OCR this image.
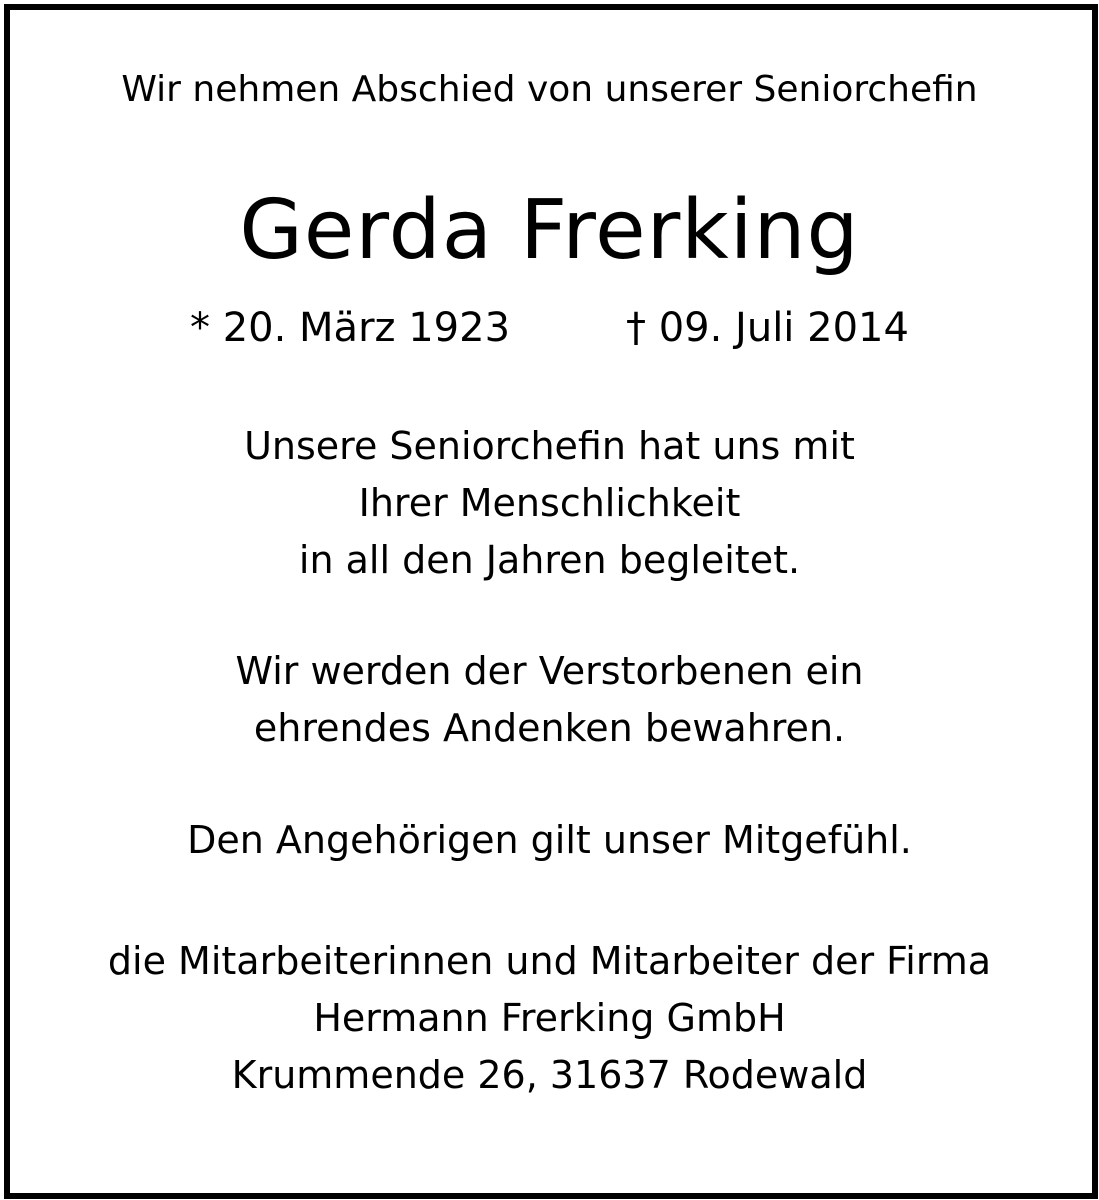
Wir nehmen Abschied von unserer Seniorchefin
Gerda Frerking
* 20. März 1923	† 09. Juli 2014
Unsere Seniorchefin hat uns mit
Ihrer Menschlichkeit
in all den Jahren begleitet.
Wir werden der Verstorbenen ein
ehrendes Andenken bewahren.
Den Angehörigen gilt unser Mitgefühl.
die Mitarbeiterinnen und Mitarbeiter der Firma
Hermann Frerking GmbH
Krummende 26, 31637 Rodewald
